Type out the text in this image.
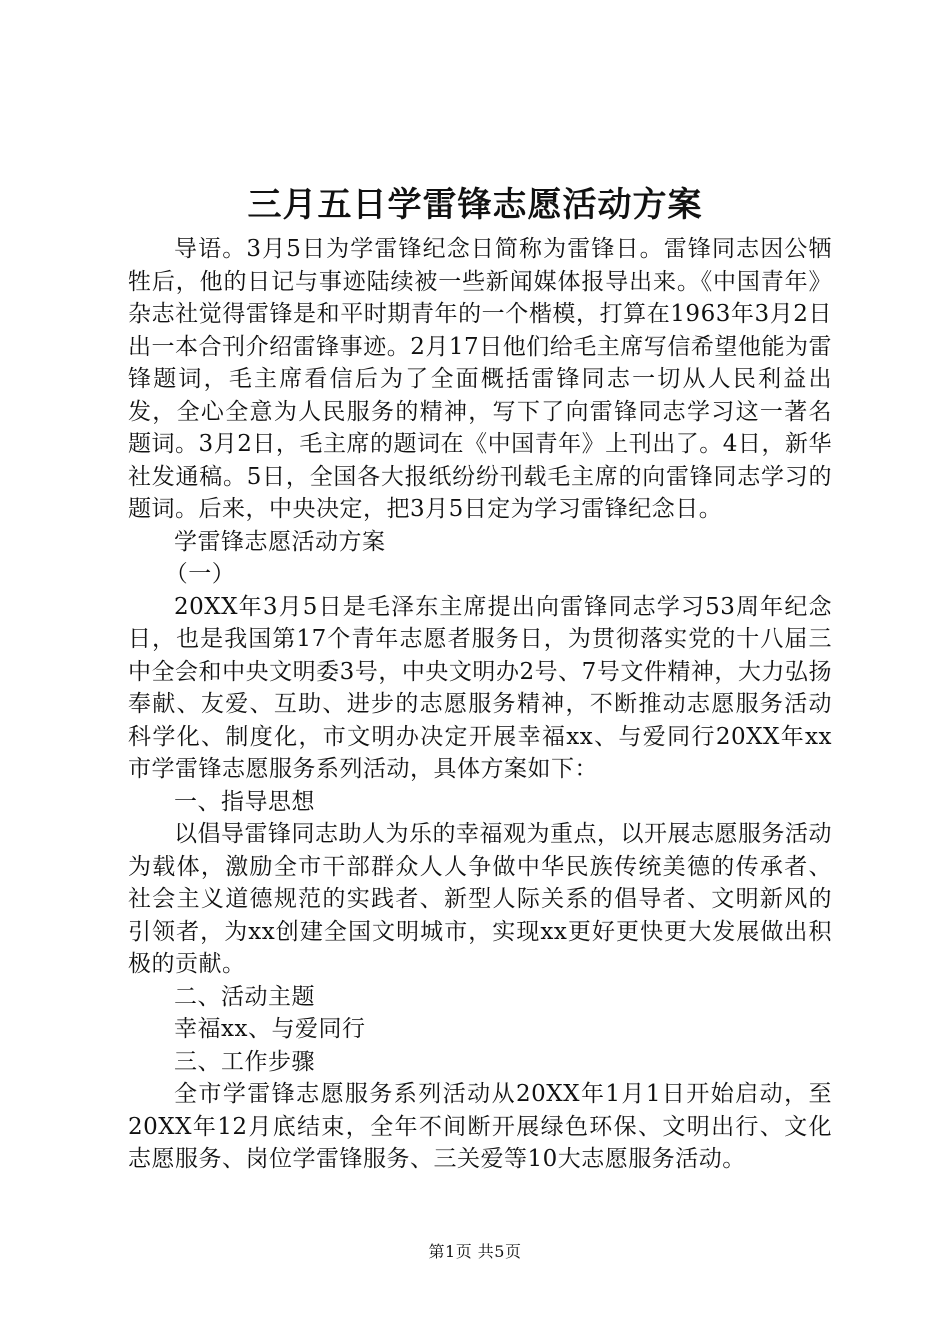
三月五日学雷锋志愿活动方案

导语。3月5日为学雷锋纪念日简称为雷锋日。雷锋同志因公牺牲后，他的日记与事迹陆续被一些新闻媒体报导出来。《中国青年》杂志社觉得雷锋是和平时期青年的一个楷模，打算在1963年3月2日出一本合刊介绍雷锋事迹。2月17日他们给毛主席写信希望他能为雷锋题词，毛主席看信后为了全面概括雷锋同志一切从人民利益出发，全心全意为人民服务的精神，写下了向雷锋同志学习这一著名题词。3月2日，毛主席的题词在《中国青年》上刊出了。4日，新华社发通稿。5日，全国各大报纸纷纷刊载毛主席的向雷锋同志学习的题词。后来，中央决定，把3月5日定为学习雷锋纪念日。

学雷锋志愿活动方案

（一）

20XX年3月5日是毛泽东主席提出向雷锋同志学习53周年纪念日，也是我国第17个青年志愿者服务日，为贯彻落实党的十八届三中全会和中央文明委3号，中央文明办2号、7号文件精神，大力弘扬奉献、友爱、互助、进步的志愿服务精神，不断推动志愿服务活动科学化、制度化，市文明办决定开展幸福xx、与爱同行20XX年xx市学雷锋志愿服务系列活动，具体方案如下：

一、指导思想

以倡导雷锋同志助人为乐的幸福观为重点，以开展志愿服务活动为载体，激励全市干部群众人人争做中华民族传统美德的传承者、社会主义道德规范的实践者、新型人际关系的倡导者、文明新风的引领者，为xx创建全国文明城市，实现xx更好更快更大发展做出积极的贡献。

二、活动主题

幸福xx、与爱同行

三、工作步骤

全市学雷锋志愿服务系列活动从20XX年1月1日开始启动，至20XX年12月底结束，全年不间断开展绿色环保、文明出行、文化志愿服务、岗位学雷锋服务、三关爱等10大志愿服务活动。

第1页 共5页
